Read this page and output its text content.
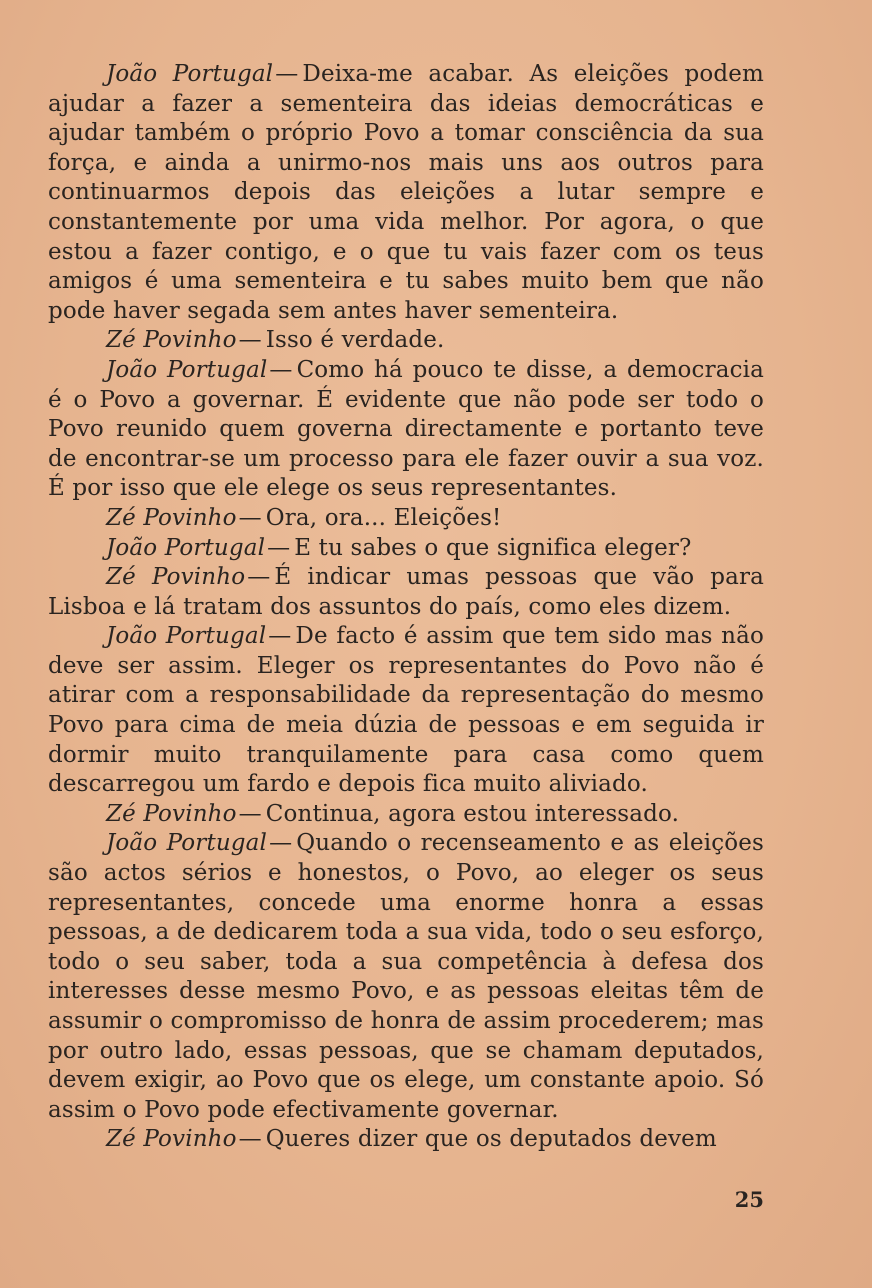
João Portugal— Deixa-me acabar. As eleições podem ajudar a fazer a sementeira das ideias democráticas e ajudar também o próprio Povo a tomar consciência da sua força, e ainda a unirmo-nos mais uns aos outros para continuarmos depois das eleições a lutar sempre e constantemente por uma vida melhor. Por agora, o que estou a fazer contigo, e o que tu vais fazer com os teus amigos é uma sementeira e tu sabes muito bem que não pode haver segada sem antes haver sementeira.

Zé Povinho— Isso é verdade.

João Portugal— Como há pouco te disse, a democracia é o Povo a governar. É evidente que não pode ser todo o Povo reunido quem governa directamente e portanto teve de encontrar-se um processo para ele fazer ouvir a sua voz. É por isso que ele elege os seus representantes.

Zé Povinho— Ora, ora... Eleições!

João Portugal— E tu sabes o que significa eleger?

Zé Povinho— É indicar umas pessoas que vão para Lisboa e lá tratam dos assuntos do país, como eles dizem.

João Portugal— De facto é assim que tem sido mas não deve ser assim. Eleger os representantes do Povo não é atirar com a responsabilidade da representação do mesmo Povo para cima de meia dúzia de pessoas e em seguida ir dormir muito tranquilamente para casa como quem descarregou um fardo e depois fica muito aliviado.

Zé Povinho— Continua, agora estou interessado.

João Portugal— Quando o recenseamento e as eleições são actos sérios e honestos, o Povo, ao eleger os seus representantes, concede uma enorme honra a essas pessoas, a de dedicarem toda a sua vida, todo o seu esforço, todo o seu saber, toda a sua competência à defesa dos interesses desse mesmo Povo, e as pessoas eleitas têm de assumir o compromisso de honra de assim procederem; mas por outro lado, essas pessoas, que se chamam deputados, devem exigir, ao Povo que os elege, um constante apoio. Só assim o Povo pode efectivamente governar.

Zé Povinho— Queres dizer que os deputados devem

25
